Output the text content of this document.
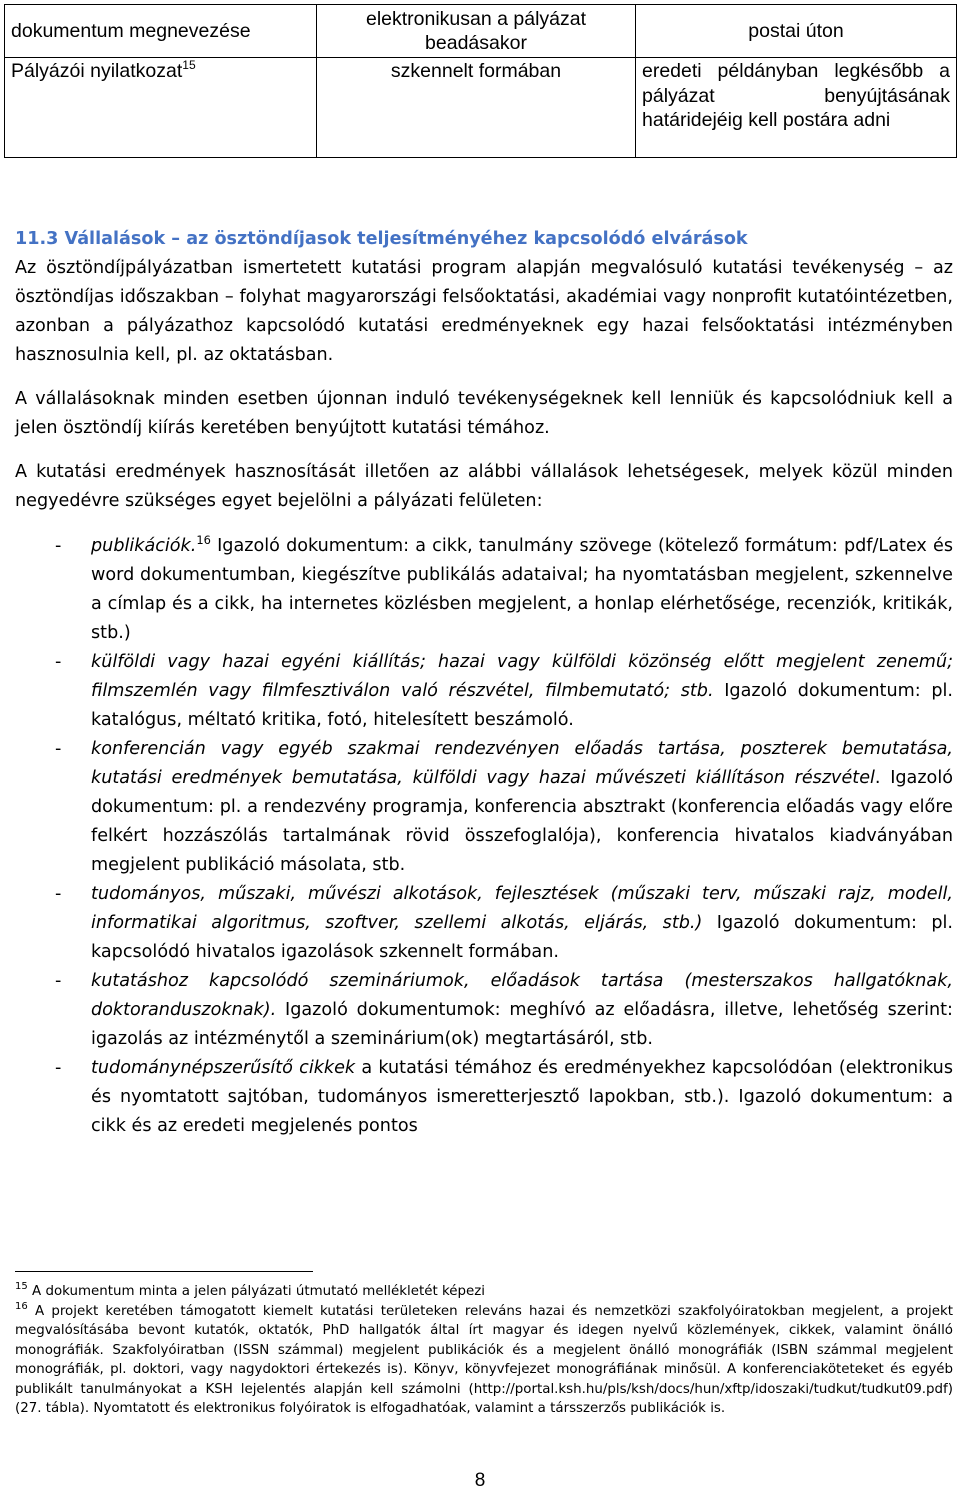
dokumentum megnevezése	elektronikusan a pályázat beadásakor	postai úton
Pályázói nyilatkozat$^{15}$	szkennelt formában	eredeti példányban legkésőbb a pályázat benyújtásának határidejéig kell postára adni

11.3 Vállalások – az ösztöndíjasok teljesítményéhez kapcsolódó elvárások

Az ösztöndíjpályázatban ismertetett kutatási program alapján megvalósuló kutatási tevékenység – az ösztöndíjas időszakban – folyhat magyarországi felsőoktatási, akadémiai vagy nonprofit kutatóintézetben, azonban a pályázathoz kapcsolódó kutatási eredményeknek egy hazai felsőoktatási intézményben hasznosulnia kell, pl. az oktatásban.

A vállalásoknak minden esetben újonnan induló tevékenységeknek kell lenniük és kapcsolódniuk kell a jelen ösztöndíj kiírás keretében benyújtott kutatási témához.

A kutatási eredmények hasznosítását illetően az alábbi vállalások lehetségesek, melyek közül minden negyedévre szükséges egyet bejelölni a pályázati felületen:

- publikációk.$^{16}$ Igazoló dokumentum: a cikk, tanulmány szövege (kötelező formátum: pdf/Latex és word dokumentumban, kiegészítve publikálás adataival; ha nyomtatásban megjelent, szkennelve a címlap és a cikk, ha internetes közlésben megjelent, a honlap elérhetősége, recenziók, kritikák, stb.)
- külföldi vagy hazai egyéni kiállítás; hazai vagy külföldi közönség előtt megjelent zenemű; filmszemlén vagy filmfesztiválon való részvétel, filmbemutató; stb. Igazoló dokumentum: pl. katalógus, méltató kritika, fotó, hitelesített beszámoló.
- konferencián vagy egyéb szakmai rendezvényen előadás tartása, poszterek bemutatása, kutatási eredmények bemutatása, külföldi vagy hazai művészeti kiállításon részvétel. Igazoló dokumentum: pl. a rendezvény programja, konferencia absztrakt (konferencia előadás vagy előre felkért hozzászólás tartalmának rövid összefoglalója), konferencia hivatalos kiadványában megjelent publikáció másolata, stb.
- tudományos, műszaki, művészi alkotások, fejlesztések (műszaki terv, műszaki rajz, modell, informatikai algoritmus, szoftver, szellemi alkotás, eljárás, stb.) Igazoló dokumentum: pl. kapcsolódó hivatalos igazolások szkennelt formában.
- kutatáshoz kapcsolódó szemináriumok, előadások tartása (mesterszakos hallgatóknak, doktoranduszoknak). Igazoló dokumentumok: meghívó az előadásra, illetve, lehetőség szerint: igazolás az intézménytől a szeminárium(ok) megtartásáról, stb.
- tudománynépszerűsítő cikkek a kutatási témához és eredményekhez kapcsolódóan (elektronikus és nyomtatott sajtóban, tudományos ismeretterjesztő lapokban, stb.). Igazoló dokumentum: a cikk és az eredeti megjelenés pontos

$^{15}$ A dokumentum minta a jelen pályázati útmutató mellékletét képezi

$^{16}$ A projekt keretében támogatott kiemelt kutatási területeken releváns hazai és nemzetközi szakfolyóiratokban megjelent, a projekt megvalósításába bevont kutatók, oktatók, PhD hallgatók által írt magyar és idegen nyelvű közlemények, cikkek, valamint önálló monográfiák. Szakfolyóiratban (ISSN számmal) megjelent publikációk és a megjelent önálló monográfiák (ISBN számmal megjelent monográfiák, pl. doktori, vagy nagydoktori értekezés is). Könyv, könyvfejezet monográfiának minősül. A konferenciaköteteket és egyéb publikált tanulmányokat a KSH lejelentés alapján kell számolni (http://portal.ksh.hu/pls/ksh/docs/hun/xftp/idoszaki/tudkut/tudkut09.pdf) (27. tábla). Nyomtatott és elektronikus folyóiratok is elfogadhatóak, valamint a társszerzős publikációk is.

8
